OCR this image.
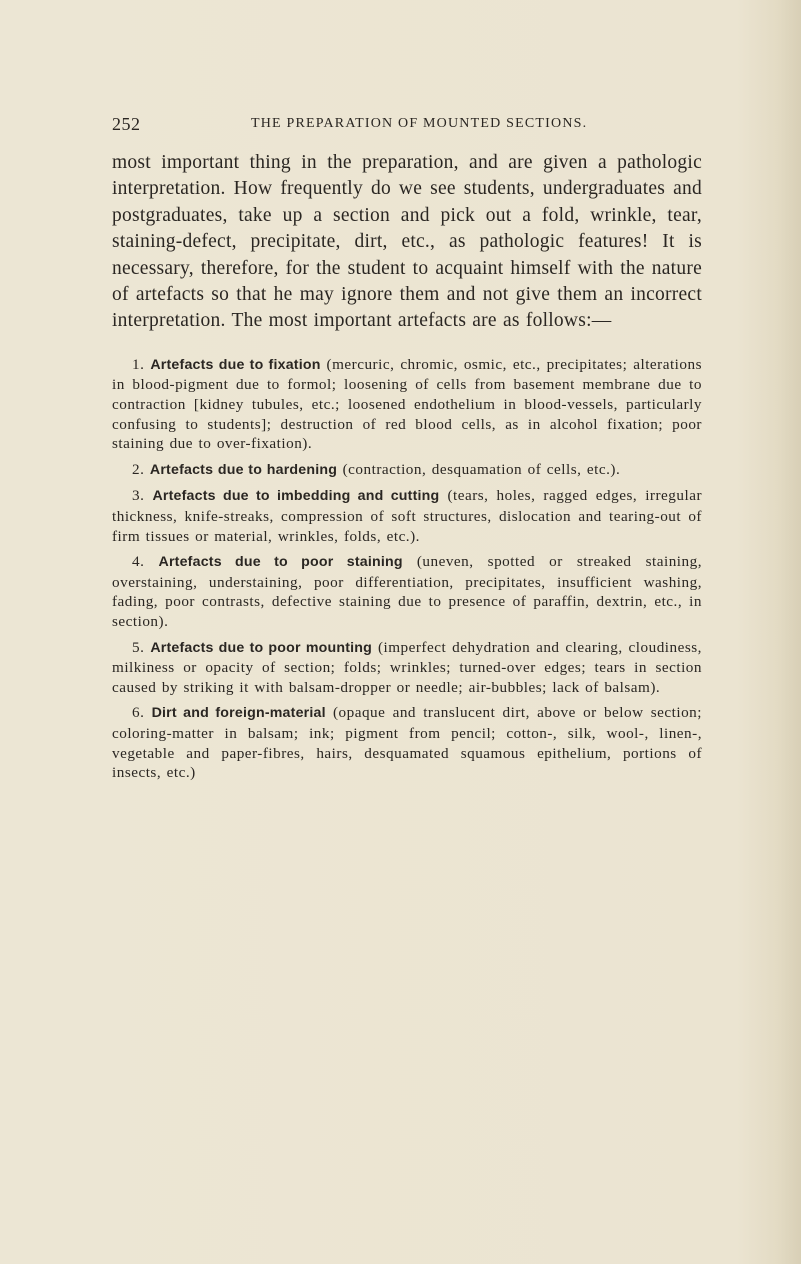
252	THE PREPARATION OF MOUNTED SECTIONS.

most important thing in the preparation, and are given a pathologic interpretation. How frequently do we see students, undergraduates and postgraduates, take up a section and pick out a fold, wrinkle, tear, staining-defect, precipitate, dirt, etc., as pathologic features! It is necessary, therefore, for the student to acquaint himself with the nature of artefacts so that he may ignore them and not give them an incorrect interpretation. The most important artefacts are as follows:—

1. Artefacts due to fixation (mercuric, chromic, osmic, etc., precipitates; alterations in blood-pigment due to formol; loosening of cells from basement membrane due to contraction [kidney tubules, etc.; loosened endothelium in blood-vessels, particularly confusing to students]; destruction of red blood cells, as in alcohol fixation; poor staining due to over-fixation).

2. Artefacts due to hardening (contraction, desquamation of cells, etc.).

3. Artefacts due to imbedding and cutting (tears, holes, ragged edges, irregular thickness, knife-streaks, compression of soft structures, dislocation and tearing-out of firm tissues or material, wrinkles, folds, etc.).

4. Artefacts due to poor staining (uneven, spotted or streaked staining, overstaining, understaining, poor differentiation, precipitates, insufficient washing, fading, poor contrasts, defective staining due to presence of paraffin, dextrin, etc., in section).

5. Artefacts due to poor mounting (imperfect dehydration and clearing, cloudiness, milkiness or opacity of section; folds; wrinkles; turned-over edges; tears in section caused by striking it with balsam-dropper or needle; air-bubbles; lack of balsam).

6. Dirt and foreign-material (opaque and translucent dirt, above or below section; coloring-matter in balsam; ink; pigment from pencil; cotton-, silk, wool-, linen-, vegetable and paper-fibres, hairs, desquamated squamous epithelium, portions of insects, etc.)
